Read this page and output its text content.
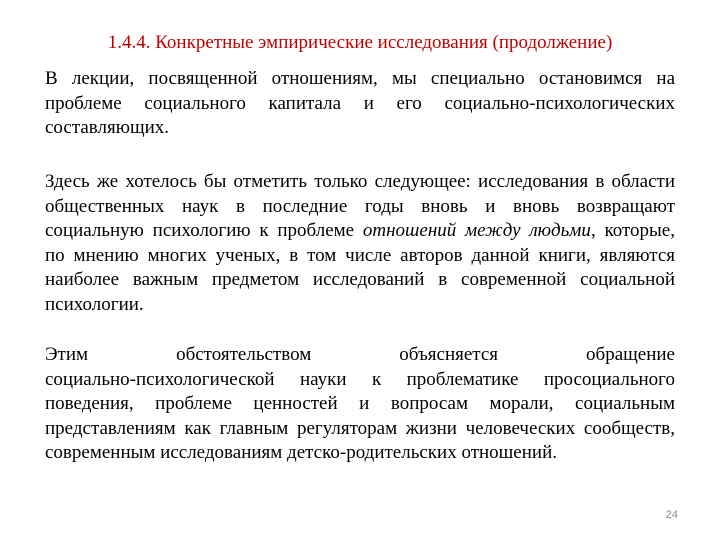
1.4.4. Конкретные эмпирические исследования (продолжение)
В лекции, посвященной отношениям, мы специально остановимся на
проблеме социального капитала и его социально-психологических
составляющих.
Здесь же хотелось бы отметить только следующее: исследования в области
общественных наук в последние годы вновь и вновь возвращают
социальную психологию к проблеме отношений между людьми, которые,
по мнению многих ученых, в том числе авторов данной книги, являются
наиболее важным предметом исследований в современной социальной
психологии.
Этим обстоятельством объясняется обращение
социально-психологической науки к проблематике просоциального
поведения, проблеме ценностей и вопросам морали, социальным
представлениям как главным регуляторам жизни человеческих сообществ,
современным исследованиям детско-родительских отношений.
24
